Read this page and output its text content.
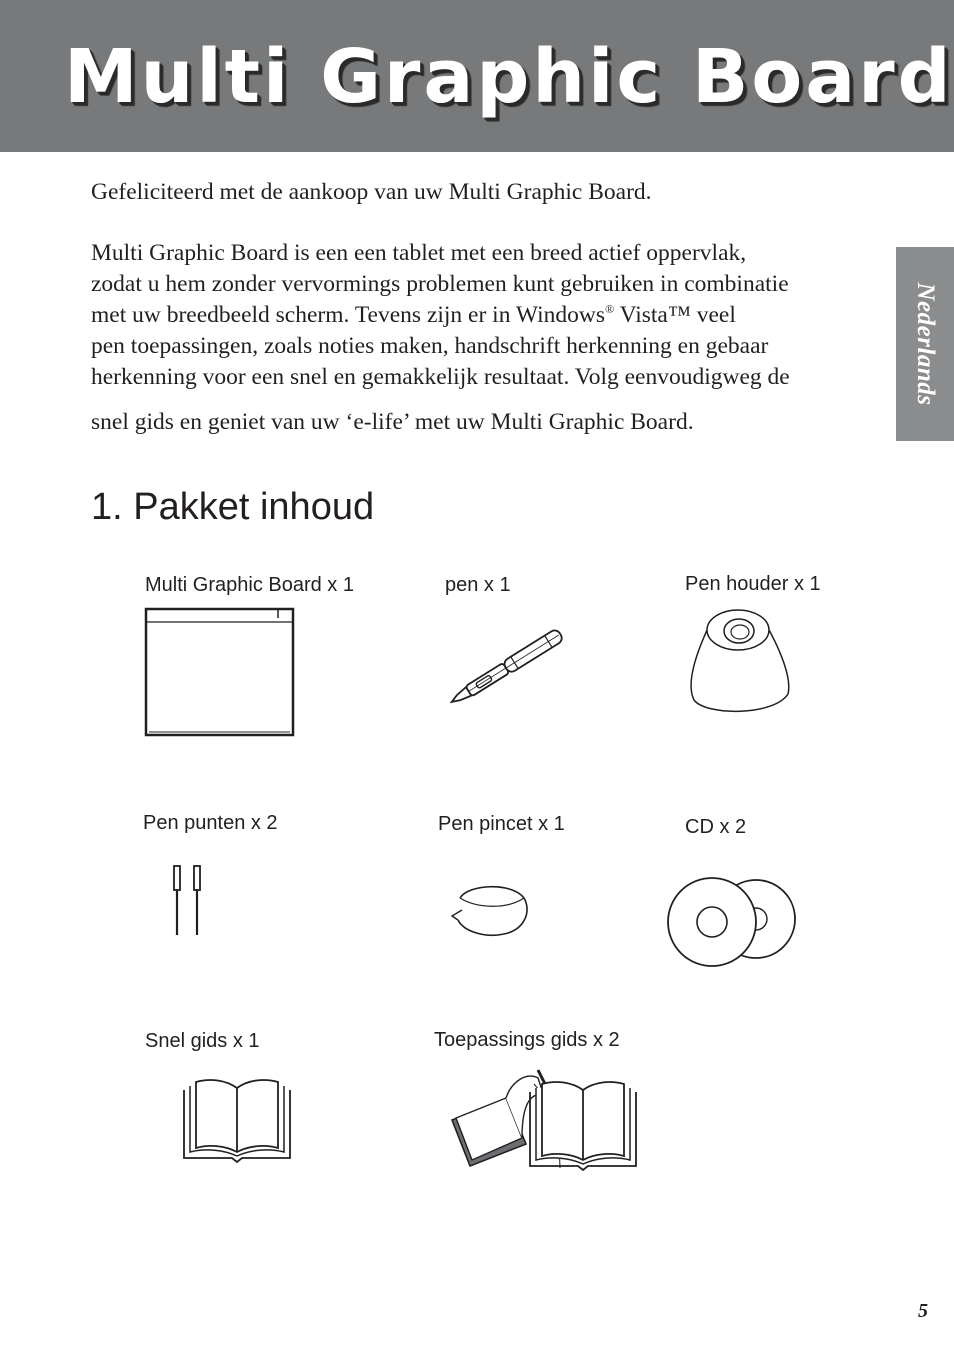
Multi Graphic Board

Gefeliciteerd met de aankoop van uw Multi Graphic Board.

Multi Graphic Board is een een tablet met een breed actief oppervlak,

zodat u hem zonder vervormings problemen kunt gebruiken in combinatie

met uw breedbeeld scherm. Tevens zijn er in Windows® Vista™ veel

pen toepassingen, zoals noties maken, handschrift herkenning en gebaar

herkenning voor een snel en gemakkelijk resultaat. Volg eenvoudigweg de

snel gids en geniet van uw ‘e-life’ met uw Multi Graphic Board.

Nederlands
1. Pakket inhoud
Multi Graphic Board x 1	pen x 1	Pen houder x 1
Pen punten x 2	Pen pincet x 1	CD x 2
Snel gids x 1	Toepassings gids x 2
5
